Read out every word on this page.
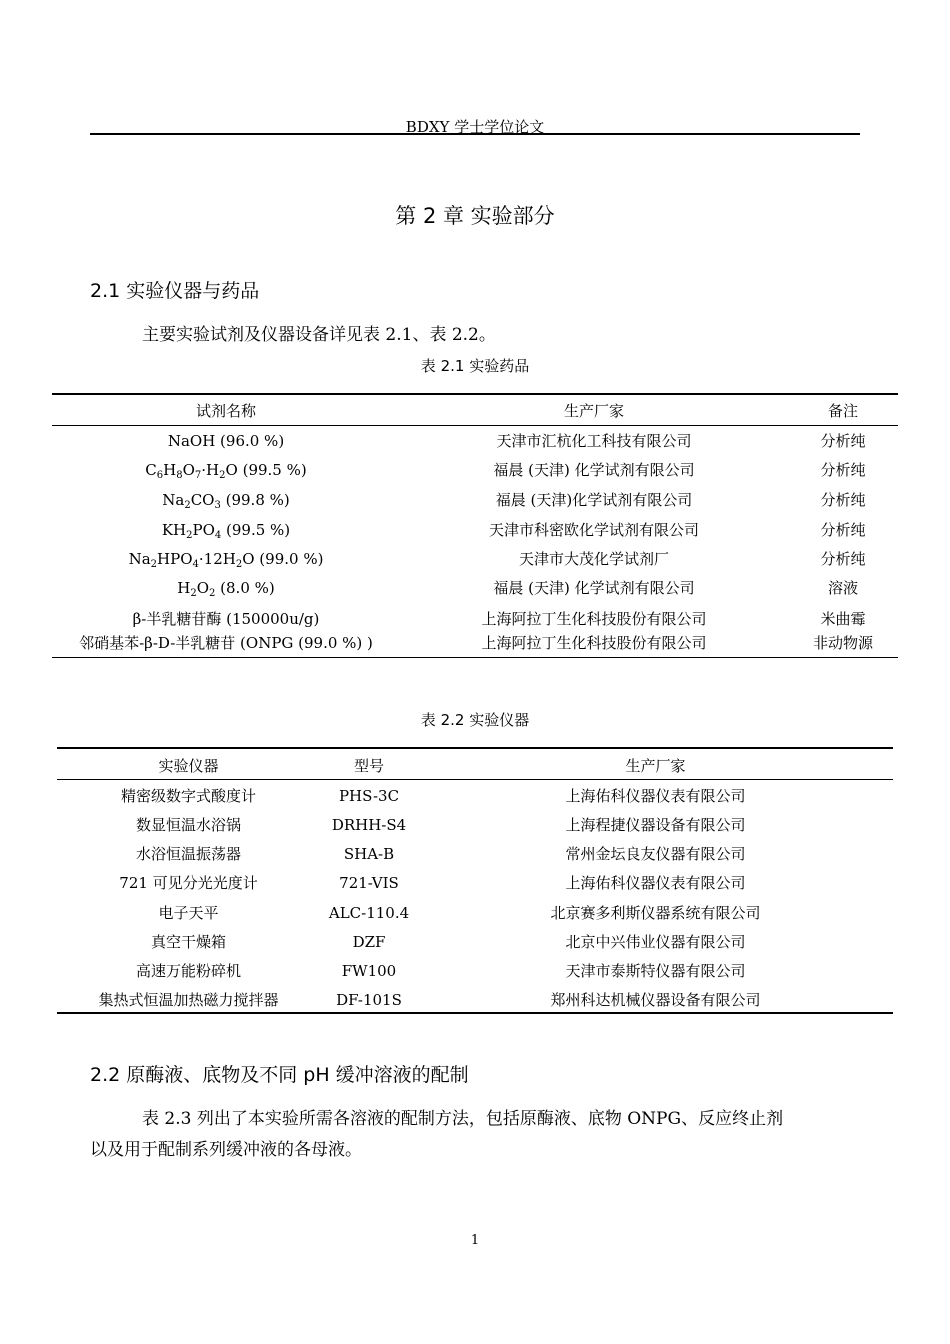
BDXY 学士学位论文
第 2 章 实验部分
2.1 实验仪器与药品
主要实验试剂及仪器设备详见表 2.1、表 2.2。
表 2.1 实验药品
试剂名称	生产厂家	备注
NaOH (96.0 %)	天津市汇杭化工科技有限公司	分析纯
$C_6H_8O_7\cdot H_2O$ (99.5 %)	福晨 (天津) 化学试剂有限公司	分析纯
$Na_2CO_3$ (99.8 %)	福晨 (天津)化学试剂有限公司	分析纯
$KH_2PO_4$ (99.5 %)	天津市科密欧化学试剂有限公司	分析纯
$Na_2HPO_4\cdot 12H_2O$ (99.0 %)	天津市大茂化学试剂厂	分析纯
$H_2O_2$ (8.0 %)	福晨 (天津) 化学试剂有限公司	溶液
β-半乳糖苷酶 (150000u/g)	上海阿拉丁生化科技股份有限公司	米曲霉
邻硝基苯-β-D-半乳糖苷 (ONPG (99.0 %) )	上海阿拉丁生化科技股份有限公司	非动物源
表 2.2 实验仪器
实验仪器	型号	生产厂家
精密级数字式酸度计	PHS-3C	上海佑科仪器仪表有限公司
数显恒温水浴锅	DRHH-S4	上海程捷仪器设备有限公司
水浴恒温振荡器	SHA-B	常州金坛良友仪器有限公司
721 可见分光光度计	721-VIS	上海佑科仪器仪表有限公司
电子天平	ALC-110.4	北京赛多利斯仪器系统有限公司
真空干燥箱	DZF	北京中兴伟业仪器有限公司
高速万能粉碎机	FW100	天津市泰斯特仪器有限公司
集热式恒温加热磁力搅拌器	DF-101S	郑州科达机械仪器设备有限公司
2.2 原酶液、底物及不同 pH 缓冲溶液的配制
表 2.3 列出了本实验所需各溶液的配制方法，包括原酶液、底物 ONPG、反应终止剂
以及用于配制系列缓冲液的各母液。
1
